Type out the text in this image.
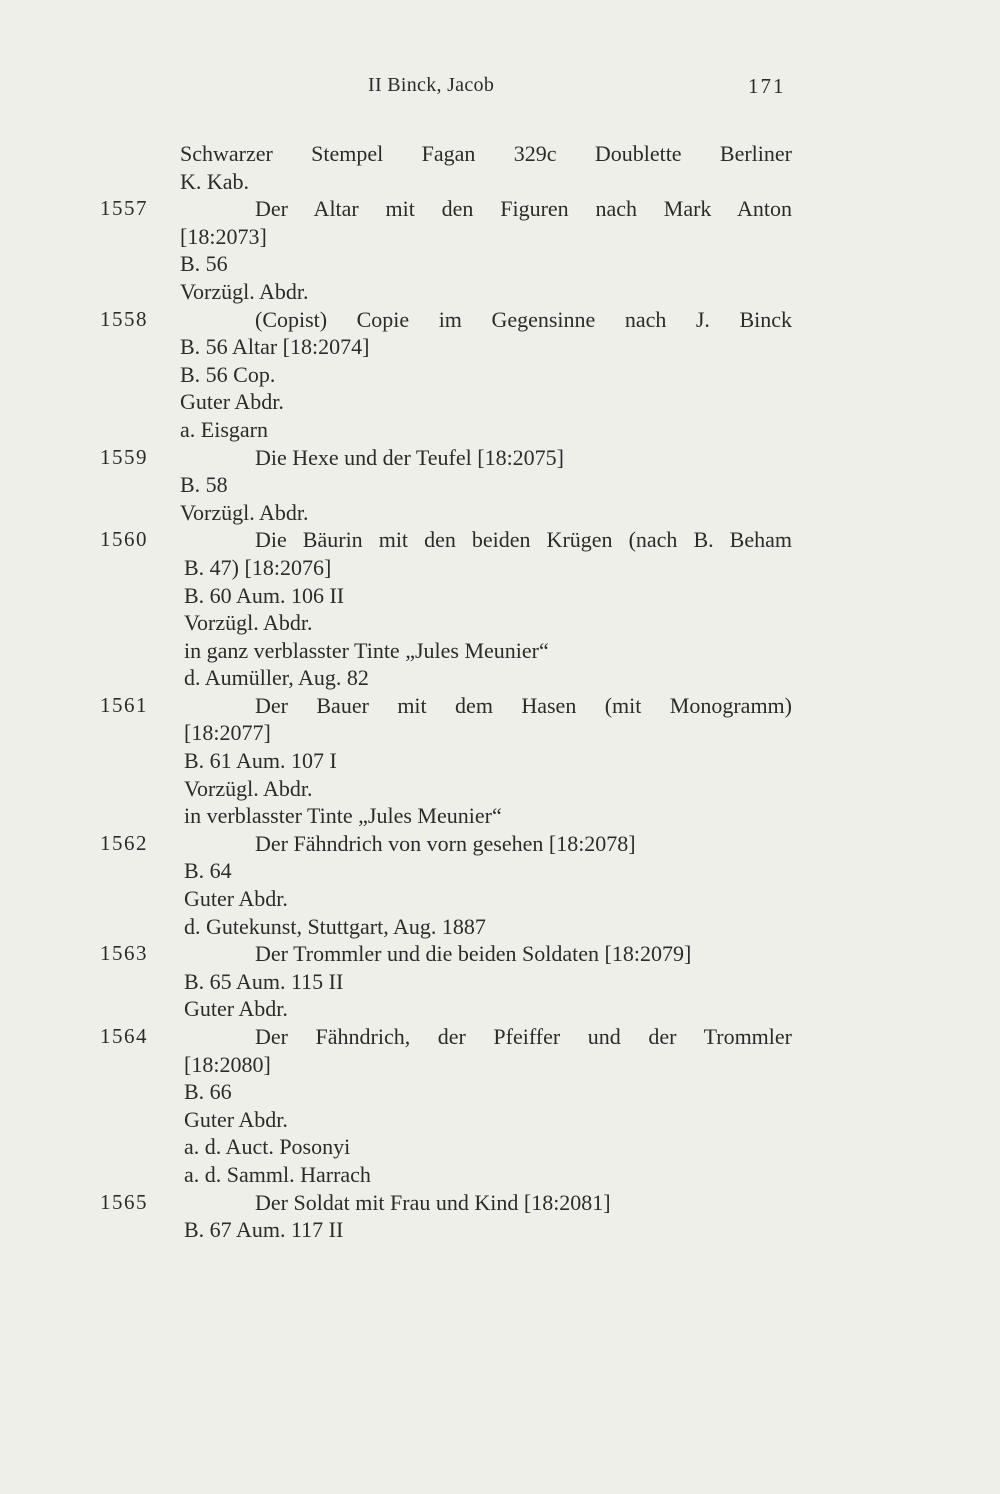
II Binck, Jacob	171
Schwarzer Stempel Fagan 329c Doublette Berliner
K. Kab.
1557	Der Altar mit den Figuren nach Mark Anton
[18:2073]
B. 56
Vorzügl. Abdr.
1558	(Copist) Copie im Gegensinne nach J. Binck
B. 56 Altar [18:2074]
B. 56 Cop.
Guter Abdr.
a. Eisgarn
1559	Die Hexe und der Teufel [18:2075]
B. 58
Vorzügl. Abdr.
1560	Die Bäurin mit den beiden Krügen (nach B. Beham
B. 47) [18:2076]
B. 60 Aum. 106 II
Vorzügl. Abdr.
in ganz verblasster Tinte „Jules Meunier“
d. Aumüller, Aug. 82
1561	Der Bauer mit dem Hasen (mit Monogramm)
[18:2077]
B. 61 Aum. 107 I
Vorzügl. Abdr.
in verblasster Tinte „Jules Meunier“
1562	Der Fähndrich von vorn gesehen [18:2078]
B. 64
Guter Abdr.
d. Gutekunst, Stuttgart, Aug. 1887
1563	Der Trommler und die beiden Soldaten [18:2079]
B. 65 Aum. 115 II
Guter Abdr.
1564	Der Fähndrich, der Pfeiffer und der Trommler
[18:2080]
B. 66
Guter Abdr.
a. d. Auct. Posonyi
a. d. Samml. Harrach
1565	Der Soldat mit Frau und Kind [18:2081]
B. 67 Aum. 117 II
